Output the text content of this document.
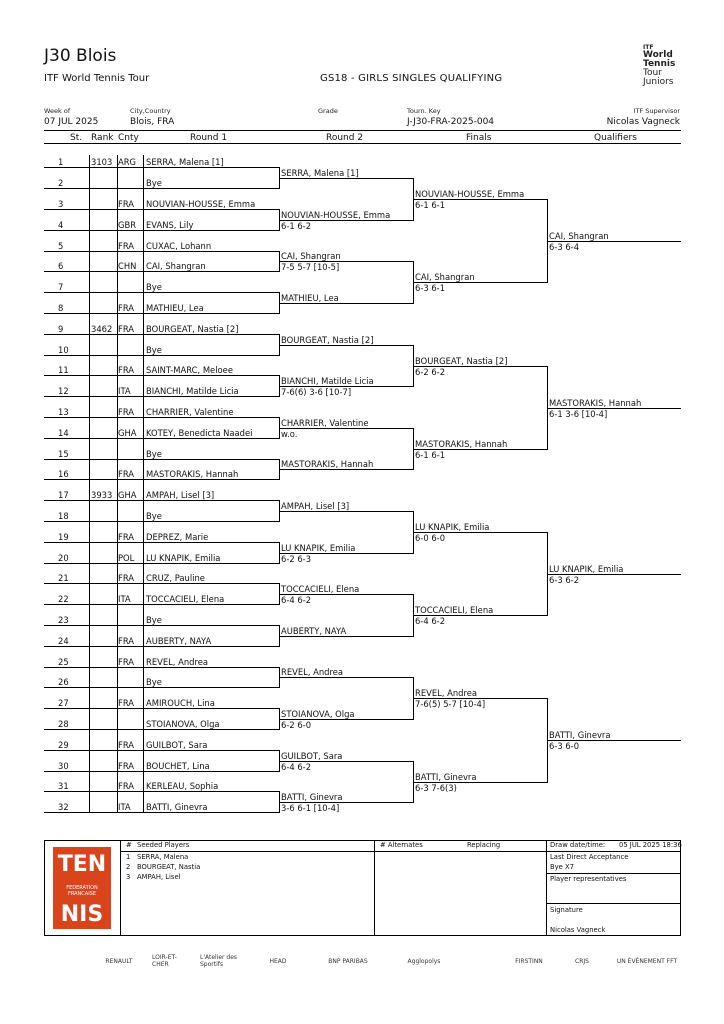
J30 Blois
ITF World Tennis Tour	GS18 - GIRLS SINGLES QUALIFYING
ITF
World
Tennis
Tour
Juniors
Week of
07 JUL 2025
City,Country
Blois, FRA
Grade	Tourn. Key
J-J30-FRA-2025-004
ITF Supervisor
Nicolas Vagneck
St. Rank Cnty	Round 1	Round 2	Finals	Qualifiers
1	3103 ARG SERRA, Malena [1]
2	Bye
3	FRA NOUVIAN-HOUSSE, Emma
4	GBR EVANS, Lily
5	FRA CUXAC, Lohann
6	CHN CAI, Shangran
7	Bye
8	FRA MATHIEU, Lea
9	3462 FRA BOURGEAT, Nastia [2]
10	Bye
11	FRA SAINT-MARC, Meloee
12	ITA BIANCHI, Matilde Licia
13	FRA CHARRIER, Valentine
14	GHA KOTEY, Benedicta Naadei
15	Bye
16	FRA MASTORAKIS, Hannah
17	3933 GHA AMPAH, Lisel [3]
18	Bye
19	FRA DEPREZ, Marie
20	POL LU KNAPIK, Emilia
21	FRA CRUZ, Pauline
22	ITA TOCCACIELI, Elena
23	Bye
24	FRA AUBERTY, NAYA
25	FRA REVEL, Andrea
26	Bye
27	FRA AMIROUCH, Lina
28	STOIANOVA, Olga
29	FRA GUILBOT, Sara
30	FRA BOUCHET, Lina
31	FRA KERLEAU, Sophia
32	ITA BATTI, Ginevra
SERRA, Malena [1]
NOUVIAN-HOUSSE, Emma
6-1 6-2
CAI, Shangran
7-5 5-7 [10-5]
MATHIEU, Lea
BOURGEAT, Nastia [2]
BIANCHI, Matilde Licia
7-6(6) 3-6 [10-7]
CHARRIER, Valentine
w.o.
MASTORAKIS, Hannah
AMPAH, Lisel [3]
LU KNAPIK, Emilia
6-2 6-3
TOCCACIELI, Elena
6-4 6-2
AUBERTY, NAYA
REVEL, Andrea
STOIANOVA, Olga
6-2 6-0
GUILBOT, Sara
6-4 6-2
BATTI, Ginevra
3-6 6-1 [10-4]
NOUVIAN-HOUSSE, Emma
6-1 6-1
CAI, Shangran
6-3 6-1
BOURGEAT, Nastia [2]
6-2 6-2
MASTORAKIS, Hannah
6-1 6-1
LU KNAPIK, Emilia
6-0 6-0
TOCCACIELI, Elena
6-4 6-2
REVEL, Andrea
7-6(5) 5-7 [10-4]
BATTI, Ginevra
6-3 7-6(3)
CAI, Shangran
6-3 6-4
MASTORAKIS, Hannah
6-1 3-6 [10-4]
LU KNAPIK, Emilia
6-3 6-2
BATTI, Ginevra
6-3 6-0
TEN
FEDERATION FRANCAISE
NIS
# Seeded Players
1 SERRA, Malena
2 BOURGEAT, Nastia
3 AMPAH, Lisel
# Alternates	Replacing	Draw date/time: 05 JUL 2025 18:36
Last Direct Acceptance
Bye X7
Player representatives
Signature
Nicolas Vagneck
RENAULT	LOIR-ET-CHER
L'Atelier des Sportifs	HEAD	BNP PARIBAS	Agglopolys	FIRSTINN	CRJS	UN ÉVÉNEMENT FFT
